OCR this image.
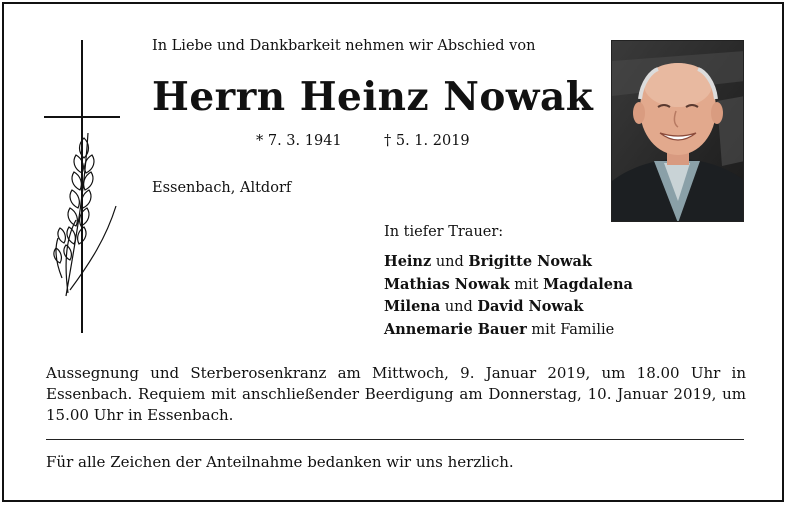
In Liebe und Dankbarkeit nehmen wir Abschied von
Herrn Heinz Nowak
* 7. 3. 1941	† 5. 1. 2019
Essenbach, Altdorf
In tiefer Trauer:
Heinz und Brigitte Nowak
Mathias Nowak mit Magdalena
Milena und David Nowak
Annemarie Bauer mit Familie
Aussegnung und Sterberosenkranz am Mittwoch, 9. Januar 2019, um 18.00 Uhr in Essenbach. Requiem mit anschließender Beerdigung am Donnerstag, 10. Januar 2019, um 15.00 Uhr in Essenbach.
Für alle Zeichen der Anteilnahme bedanken wir uns herzlich.
